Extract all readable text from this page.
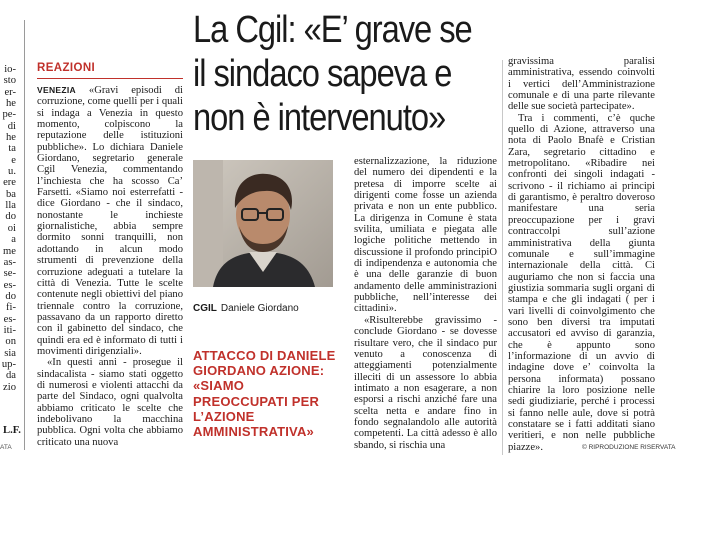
io-
sto
er-
he
pe-
di
he
ta
e
u.
ere
ba
lla
do
oi
a
me
as-
se-
es-
do
fi-
es-
iti-
on
sia
up-
da
zio
L.F.
ATA
REAZIONI

VENEZIA «Gravi episodi di corruzione, come quelli per i quali si indaga a Venezia in questo momento, colpiscono la reputazione delle istituzioni pubbliche». Lo dichiara Daniele Giordano, segretario generale Cgil Venezia, commentando l’inchiesta che ha scosso Ca’ Farsetti. «Siamo noi esterrefatti - dice Giordano - che il sindaco, nonostante le inchieste giornalistiche, abbia sempre dormito sonni tranquilli, non adottando in alcun modo strumenti di prevenzione della corruzione adeguati a tutelare la città di Venezia. Tutte le scelte contenute negli obiettivi del piano triennale contro la corruzione, passavano da un rapporto diretto con il gabinetto del sindaco, che quindi era ed è informato di tutti i movimenti dirigenziali».

«In questi anni - prosegue il sindacalista - siamo stati oggetto di numerosi e violenti attacchi da parte del Sindaco, ogni qualvolta abbiamo criticato le scelte che indebolivano la macchina pubblica. Ogni volta che abbiamo criticato una nuova

La Cgil: «E’ grave se
il sindaco sapeva e
non è intervenuto»
CGIL Daniele Giordano
ATTACCO DI DANIELE GIORDANO AZIONE: «SIAMO PREOCCUPATI PER L’AZIONE AMMINISTRATIVA»

esternalizzazione, la riduzione del numero dei dipendenti e la pretesa di imporre scelte ai dirigenti come fosse un azienda privata e non un ente pubblico. La dirigenza in Comune è stata svilita, umiliata e piegata alle logiche politiche mettendo in discussione il profondo principiO di indipendenza e autonomia che è una delle garanzie di buon andamento delle amministrazioni pubbliche, nell’interesse dei cittadini».

«Risulterebbe gravissimo - conclude Giordano - se dovesse risultare vero, che il sindaco pur venuto a conoscenza di atteggiamenti potenzialmente illeciti di un assessore lo abbia intimato a non esagerare, a non esporsi a rischi anziché fare una scelta netta e andare fino in fondo segnalandolo alle autorità competenti. La città adesso è allo sbando, si rischia una

gravissima paralisi amministrativa, essendo coinvolti i vertici dell’Amministrazione comunale e di una parte rilevante delle sue società partecipate».

Tra i commenti, c’è quche quello di Azione, attraverso una nota di Paolo Bnafè e Cristian Zara, segretario cittadino e metropolitano. «Ribadire nei confronti dei singoli indagati - scrivono - il richiamo ai principi di garantismo, è peraltro doveroso manifestare una seria preoccupazione per i gravi contraccolpi sull’azione amministrativa della giunta comunale e sull’immagine internazionale della città. Ci auguriamo che non si faccia una giustizia sommaria sugli organi di stampa e che gli indagati ( per i vari livelli di coinvolgimento che sono ben diversi tra imputati accusatori ed avviso di garanzia, che è appunto sono l’informazione di un avvio di indagine dove e’ coinvolta la persona informata) possano chiarire la loro posizione nelle sedi giudiziarie, perché i processi si fanno nelle aule, dove si potrà constatare se i fatti additati siano veritieri, e non nelle pubbliche piazze».	© RIPRODUZIONE RISERVATA
